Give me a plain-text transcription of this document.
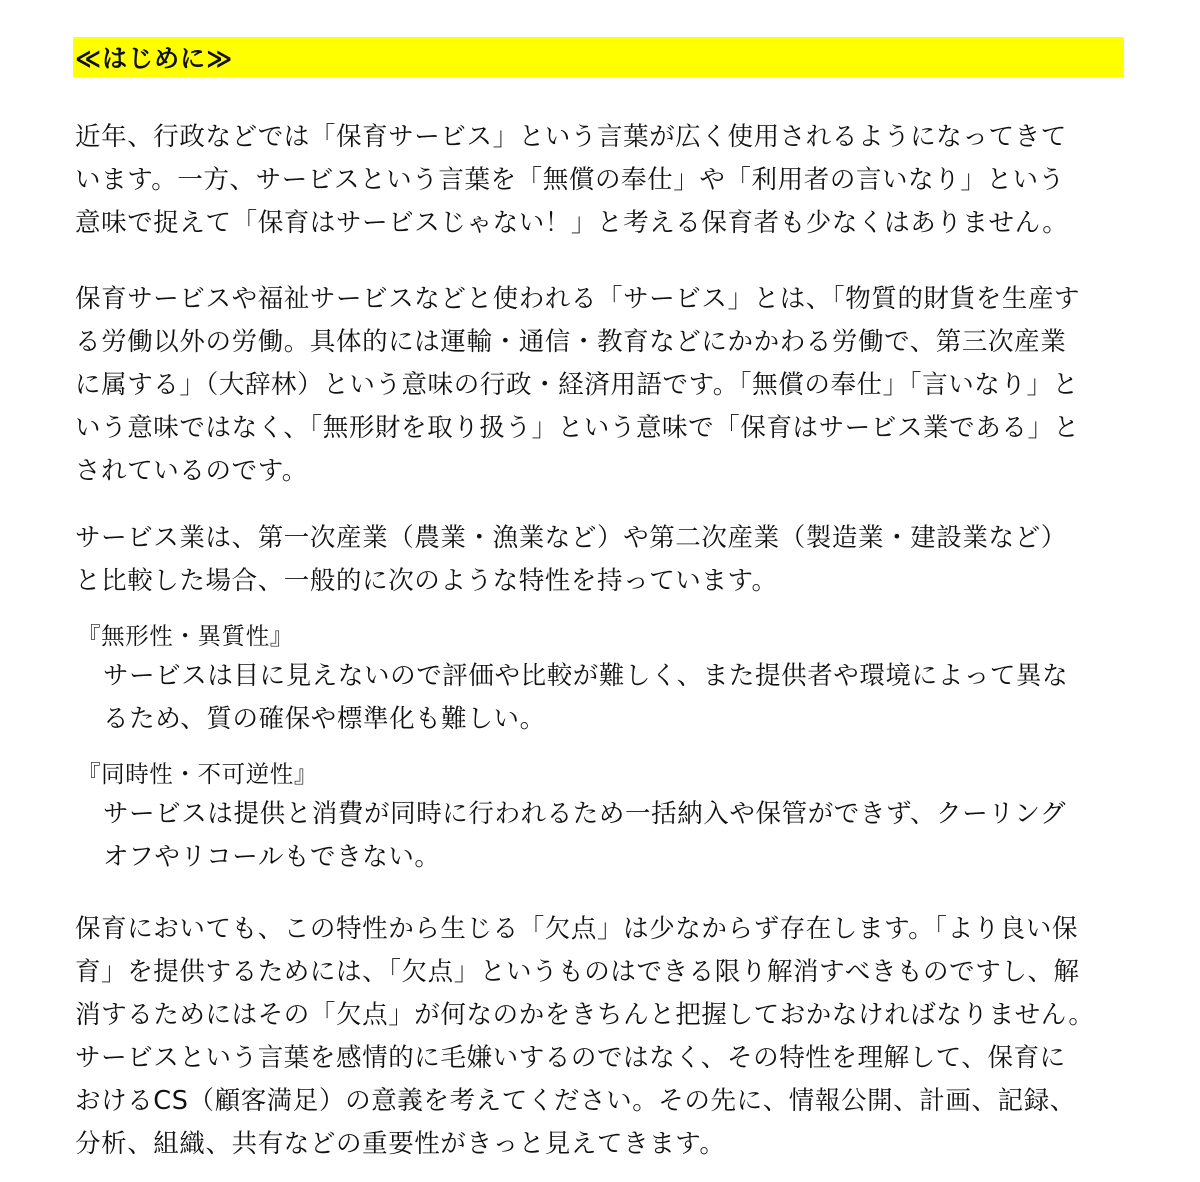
≪はじめに≫
近年、行政などでは「保育サービス」という言葉が広く使用されるようになってきて
います。一方、サービスという言葉を「無償の奉仕」や「利用者の言いなり」という
意味で捉えて「保育はサービスじゃない！」と考える保育者も少なくはありません。
保育サービスや福祉サービスなどと使われる「サービス」とは、「物質的財貨を生産す
る労働以外の労働。具体的には運輸・通信・教育などにかかわる労働で、第三次産業
に属する」（大辞林）という意味の行政・経済用語です。「無償の奉仕」「言いなり」と
いう意味ではなく、「無形財を取り扱う」という意味で「保育はサービス業である」と
されているのです。
サービス業は、第一次産業（農業・漁業など）や第二次産業（製造業・建設業など）
と比較した場合、一般的に次のような特性を持っています。
『無形性・異質性』
サービスは目に見えないので評価や比較が難しく、また提供者や環境によって異な
るため、質の確保や標準化も難しい。
『同時性・不可逆性』
サービスは提供と消費が同時に行われるため一括納入や保管ができず、クーリング
オフやリコールもできない。
保育においても、この特性から生じる「欠点」は少なからず存在します。「より良い保
育」を提供するためには、「欠点」というものはできる限り解消すべきものですし、解
消するためにはその「欠点」が何なのかをきちんと把握しておかなければなりません。
サービスという言葉を感情的に毛嫌いするのではなく、その特性を理解して、保育に
おけるCS（顧客満足）の意義を考えてください。その先に、情報公開、計画、記録、
分析、組織、共有などの重要性がきっと見えてきます。
